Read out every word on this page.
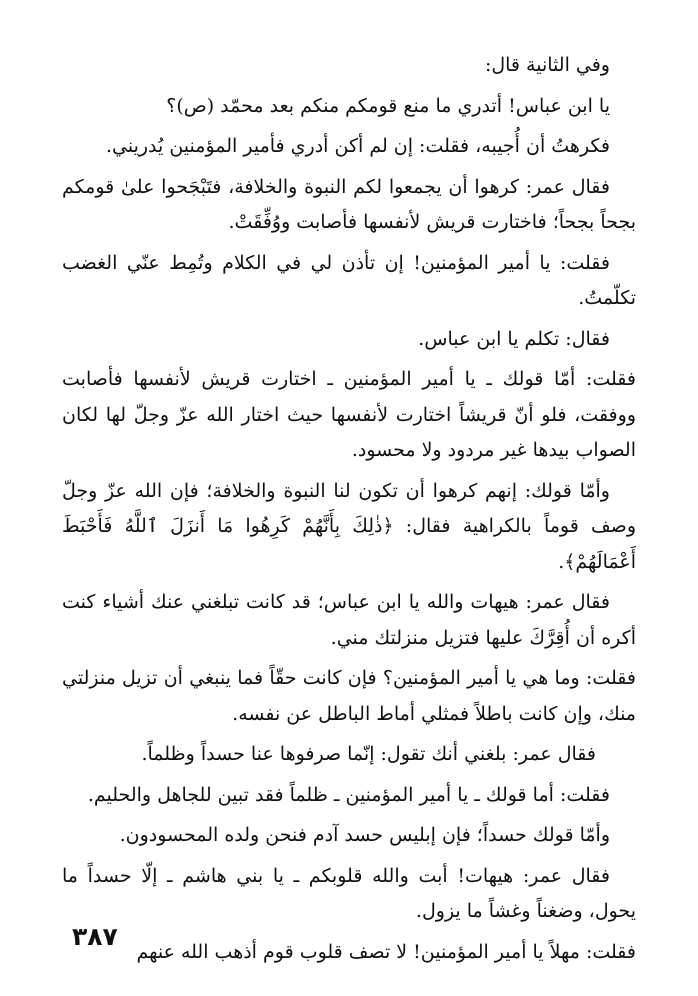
وفي الثانية قال:

يا ابن عباس! أتدري ما منع قومكم منكم بعد محمّد (ص)؟

فكرهتُ أن أُجيبه، فقلت: إن لم أكن أدري فأمير المؤمنين يُدريني.

فقال عمر: كرهوا أن يجمعوا لكم النبوة والخلافة، فتَبْجَحوا علىٰ قومكم بجحاً بجحاً؛ فاختارت قريش لأنفسها فأصابت ووُفِّقَتْ.

فقلت: يا أمير المؤمنين! إن تأذن لي في الكلام وتُمِط عنّي الغضب تكلّمتُ.

فقال: تكلم يا ابن عباس.

فقلت: أمّا قولك ـ يا أمير المؤمنين ـ اختارت قريش لأنفسها فأصابت ووفقت، فلو أنّ قريشاً اختارت لأنفسها حيث اختار الله عزّ وجلّ لها لكان الصواب بيدها غير مردود ولا محسود.

وأمّا قولك: إنهم كرهوا أن تكون لنا النبوة والخلافة؛ فإن الله عزّ وجلّ وصف قوماً بالكراهية فقال: ﴿ذٰلِكَ بِأَنَّهُمْ كَرِهُوا مَا أَنزَلَ ٱللَّهُ فَأَحْبَطَ أَعْمَالَهُمْ﴾.

فقال عمر: هيهات والله يا ابن عباس؛ قد كانت تبلغني عنك أشياء كنت أكره أن أُقِرَّكَ عليها فتزيل منزلتك مني.

فقلت: وما هي يا أمير المؤمنين؟ فإن كانت حقّاً فما ينبغي أن تزيل منزلتي منك، وإن كانت باطلاً فمثلي أماط الباطل عن نفسه.

فقال عمر: بلغني أنك تقول: إنّما صرفوها عنا حسداً وظلماً.

فقلت: أما قولك ـ يا أمير المؤمنين ـ ظلماً فقد تبين للجاهل والحليم.

وأمّا قولك حسداً؛ فإن إبليس حسد آدم فنحن ولده المحسودون.

فقال عمر: هيهات! أبت والله قلوبكم ـ يا بني هاشم ـ إلّا حسداً ما يحول، وضغناً وغشاً ما يزول.

فقلت: مهلاً يا أمير المؤمنين! لا تصف قلوب قوم أذهب الله عنهم

٣٨٧
